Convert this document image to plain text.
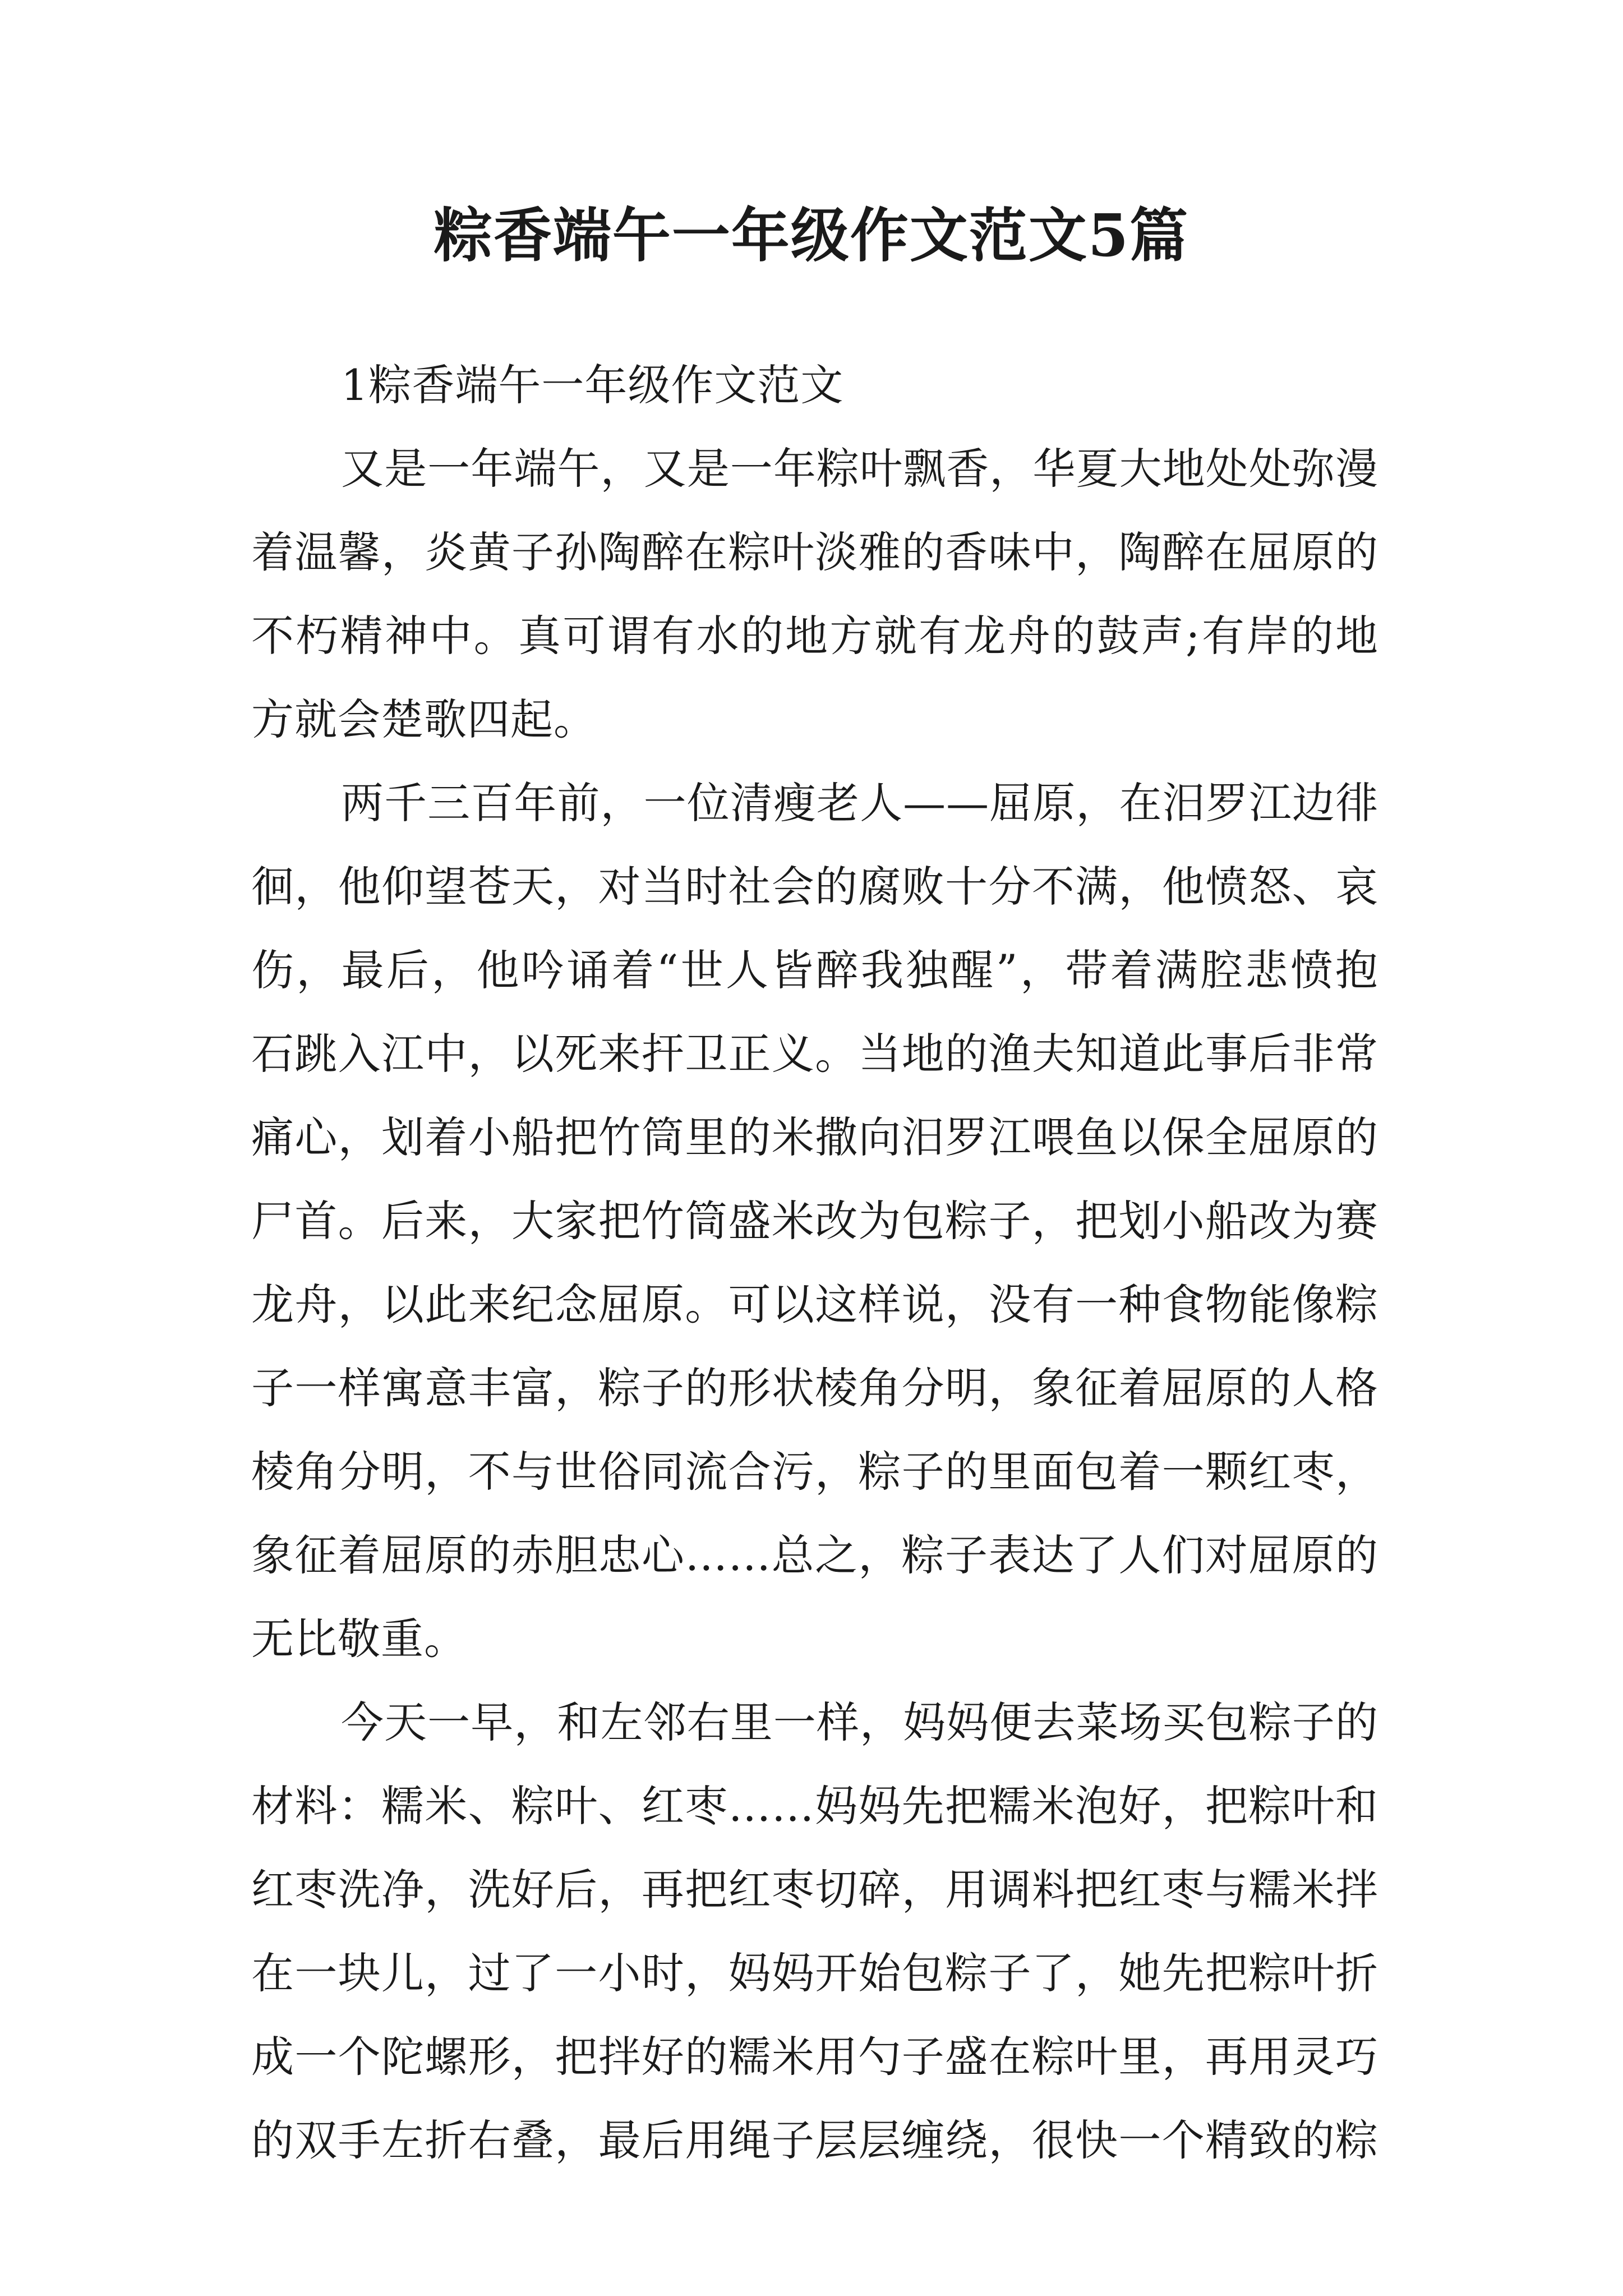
粽香端午一年级作文范文5篇
1粽香端午一年级作文范文
又是一年端午，又是一年粽叶飘香，华夏大地处处弥漫
着温馨，炎黄子孙陶醉在粽叶淡雅的香味中，陶醉在屈原的
不朽精神中。真可谓有水的地方就有龙舟的鼓声;有岸的地
方就会楚歌四起。
两千三百年前，一位清瘦老人——屈原，在汨罗江边徘
徊，他仰望苍天，对当时社会的腐败十分不满，他愤怒、哀
伤，最后，他吟诵着“世人皆醉我独醒”，带着满腔悲愤抱
石跳入江中，以死来扞卫正义。当地的渔夫知道此事后非常
痛心，划着小船把竹筒里的米撒向汨罗江喂鱼以保全屈原的
尸首。后来，大家把竹筒盛米改为包粽子，把划小船改为赛
龙舟，以此来纪念屈原。可以这样说，没有一种食物能像粽
子一样寓意丰富，粽子的形状棱角分明，象征着屈原的人格
棱角分明，不与世俗同流合污，粽子的里面包着一颗红枣，
象征着屈原的赤胆忠心……总之，粽子表达了人们对屈原的
无比敬重。
今天一早，和左邻右里一样，妈妈便去菜场买包粽子的
材料：糯米、粽叶、红枣……妈妈先把糯米泡好，把粽叶和
红枣洗净，洗好后，再把红枣切碎，用调料把红枣与糯米拌
在一块儿，过了一小时，妈妈开始包粽子了，她先把粽叶折
成一个陀螺形，把拌好的糯米用勺子盛在粽叶里，再用灵巧
的双手左折右叠，最后用绳子层层缠绕，很快一个精致的粽
